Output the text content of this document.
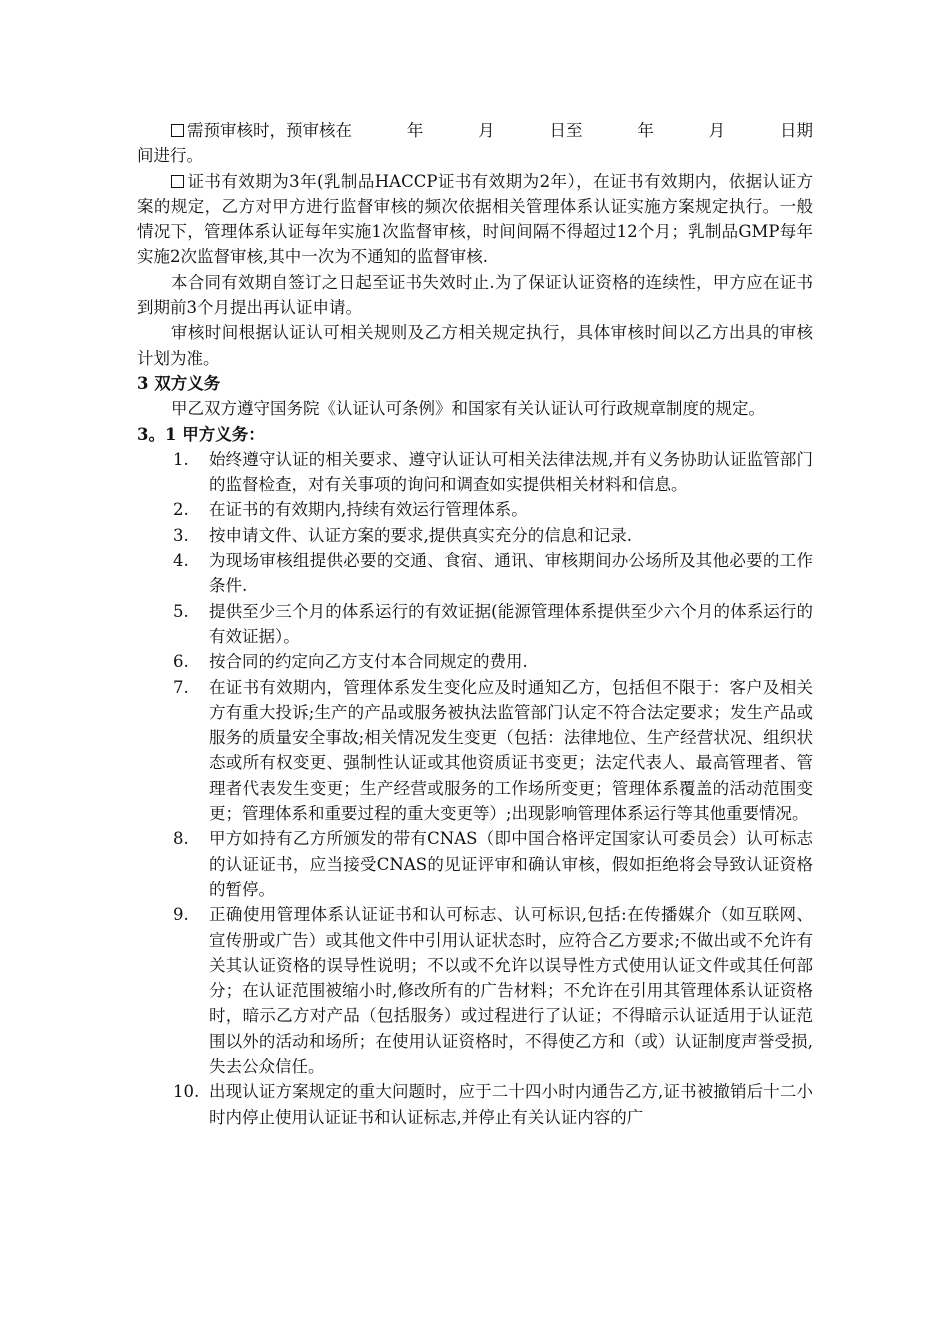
需预审核时，预审核在	年	月	日至	年	月	日期

间进行。

证书有效期为3年(乳制品HACCP证书有效期为2年），在证书有效期内，依据认证方案的规定，乙方对甲方进行监督审核的频次依据相关管理体系认证实施方案规定执行。一般情况下，管理体系认证每年实施1次监督审核，时间间隔不得超过12个月；乳制品GMP每年实施2次监督审核,其中一次为不通知的监督审核.

本合同有效期自签订之日起至证书失效时止.为了保证认证资格的连续性，甲方应在证书到期前3个月提出再认证申请。

审核时间根据认证认可相关规则及乙方相关规定执行，具体审核时间以乙方出具的审核计划为准。

3 双方义务

甲乙双方遵守国务院《认证认可条例》和国家有关认证认可行政规章制度的规定。

3。1 甲方义务：

1.	始终遵守认证的相关要求、遵守认证认可相关法律法规,并有义务协助认证监管部门的监督检查，对有关事项的询问和调查如实提供相关材料和信息。
2.	在证书的有效期内,持续有效运行管理体系。
3.	按申请文件、认证方案的要求,提供真实充分的信息和记录.
4.	为现场审核组提供必要的交通、食宿、通讯、审核期间办公场所及其他必要的工作条件.
5.	提供至少三个月的体系运行的有效证据(能源管理体系提供至少六个月的体系运行的有效证据）。
6.	按合同的约定向乙方支付本合同规定的费用.
7.	在证书有效期内，管理体系发生变化应及时通知乙方，包括但不限于：客户及相关方有重大投诉;生产的产品或服务被执法监管部门认定不符合法定要求；发生产品或服务的质量安全事故;相关情况发生变更（包括：法律地位、生产经营状况、组织状态或所有权变更、强制性认证或其他资质证书变更；法定代表人、最高管理者、管理者代表发生变更；生产经营或服务的工作场所变更；管理体系覆盖的活动范围变更；管理体系和重要过程的重大变更等）;出现影响管理体系运行等其他重要情况。
8.	甲方如持有乙方所颁发的带有CNAS（即中国合格评定国家认可委员会）认可标志的认证证书，应当接受CNAS的见证评审和确认审核，假如拒绝将会导致认证资格的暂停。
9.	正确使用管理体系认证证书和认可标志、认可标识,包括:在传播媒介（如互联网、宣传册或广告）或其他文件中引用认证状态时，应符合乙方要求;不做出或不允许有关其认证资格的误导性说明；不以或不允许以误导性方式使用认证文件或其任何部分；在认证范围被缩小时,修改所有的广告材料；不允许在引用其管理体系认证资格时，暗示乙方对产品（包括服务）或过程进行了认证；不得暗示认证适用于认证范围以外的活动和场所；在使用认证资格时，不得使乙方和（或）认证制度声誉受损,失去公众信任。
10. 出现认证方案规定的重大问题时，应于二十四小时内通告乙方,证书被撤销后十二小时内停止使用认证证书和认证标志,并停止有关认证内容的广
